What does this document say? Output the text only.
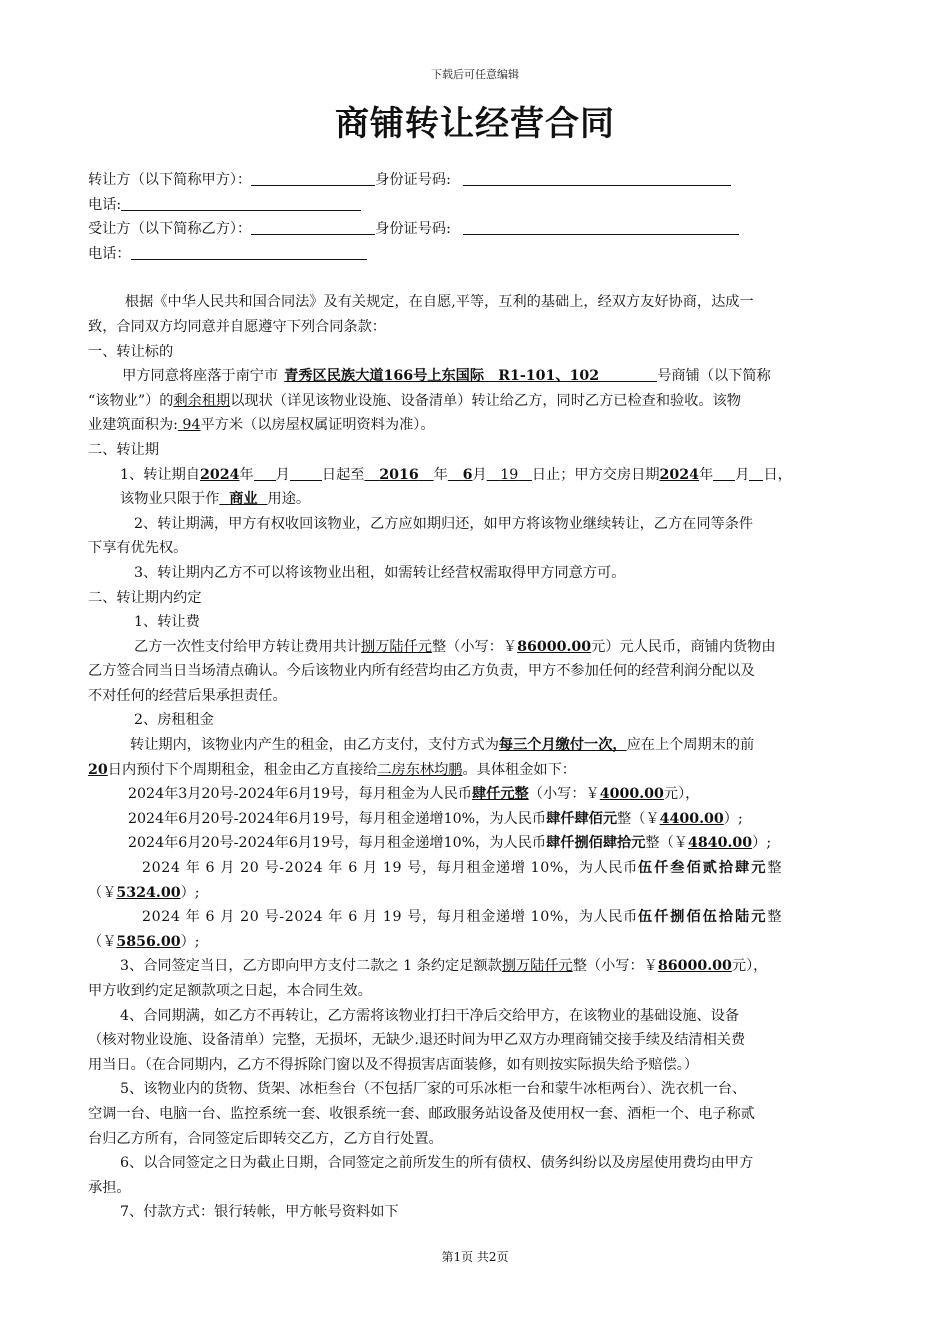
下载后可任意编辑
商铺转让经营合同
转让方（以下简称甲方）：	身份证号码:
电话:
受让方（以下简称乙方）：	身份证号码:
电话：
根据《中华人民共和国合同法》及有关规定，在自愿,平等，互利的基础上，经双方友好协商，达成一
致，合同双方均同意并自愿遵守下列合同条款：
一、转让标的
甲方同意将座落于南宁市 青秀区民族大道166号上东国际　R1-101、102	号商铺（以下简称
“该物业”）的剩余租期以现状（详见该物业设施、设备清单）转让给乙方，同时乙方已检查和验收。该物
业建筑面积为: 94平方米（以房屋权属证明资料为准）。
二、转让期
1、转让期自2024年 月 日起至 2016 年 6月 19 日止；甲方交房日期2024年 月 日，
该物业只限于作 商业 用途。
2、转让期满，甲方有权收回该物业，乙方应如期归还，如甲方将该物业继续转让，乙方在同等条件
下享有优先权。
3、转让期内乙方不可以将该物业出租，如需转让经营权需取得甲方同意方可。
二、转让期内约定
1、转让费
乙方一次性支付给甲方转让费用共计捌万陆仟元整（小写：￥86000.00元）元人民币，商铺内货物由
乙方签合同当日当场清点确认。今后该物业内所有经营均由乙方负责，甲方不参加任何的经营利润分配以及
不对任何的经营后果承担责任。
2、房租租金
转让期内，该物业内产生的租金，由乙方支付，支付方式为每三个月缴付一次，应在上个周期末的前
20日内预付下个周期租金，租金由乙方直接给二房东林均鹏。具体租金如下：
2024年3月20号-2024年6月19号，每月租金为人民币肆仟元整（小写：￥4000.00元），
2024年6月20号-2024年6月19号，每月租金递增10%，为人民币肆仟肆佰元整（￥4400.00）;
2024年6月20号-2024年6月19号，每月租金递增10%，为人民币肆仟捌佰肆拾元整（￥4840.00）;
2024 年 6 月 20 号-2024 年 6 月 19 号，每月租金递增 10%，为人民币伍仟叁佰贰拾肆元整
（￥5324.00）;
2024 年 6 月 20 号-2024 年 6 月 19 号，每月租金递增 10%，为人民币伍仟捌佰伍拾陆元整
（￥5856.00）;
3、合同签定当日，乙方即向甲方支付二款之 1 条约定足额款捌万陆仟元整（小写：￥86000.00元），
甲方收到约定足额款项之日起，本合同生效。
4、合同期满，如乙方不再转让，乙方需将该物业打扫干净后交给甲方，在该物业的基础设施、设备
（核对物业设施、设备清单）完整，无损坏，无缺少.退还时间为甲乙双方办理商铺交接手续及结清相关费
用当日。（在合同期内，乙方不得拆除门窗以及不得损害店面装修，如有则按实际损失给予赔偿。）
5、该物业内的货物、货架、冰柜叁台（不包括厂家的可乐冰柜一台和蒙牛冰柜两台）、洗衣机一台、
空调一台、电脑一台、监控系统一套、收银系统一套、邮政服务站设备及使用权一套、酒柜一个、电子称贰
台归乙方所有，合同签定后即转交乙方，乙方自行处置。
6、以合同签定之日为截止日期，合同签定之前所发生的所有债权、债务纠纷以及房屋使用费均由甲方
承担。
7、付款方式：银行转帐，甲方帐号资料如下
第1页 共2页
